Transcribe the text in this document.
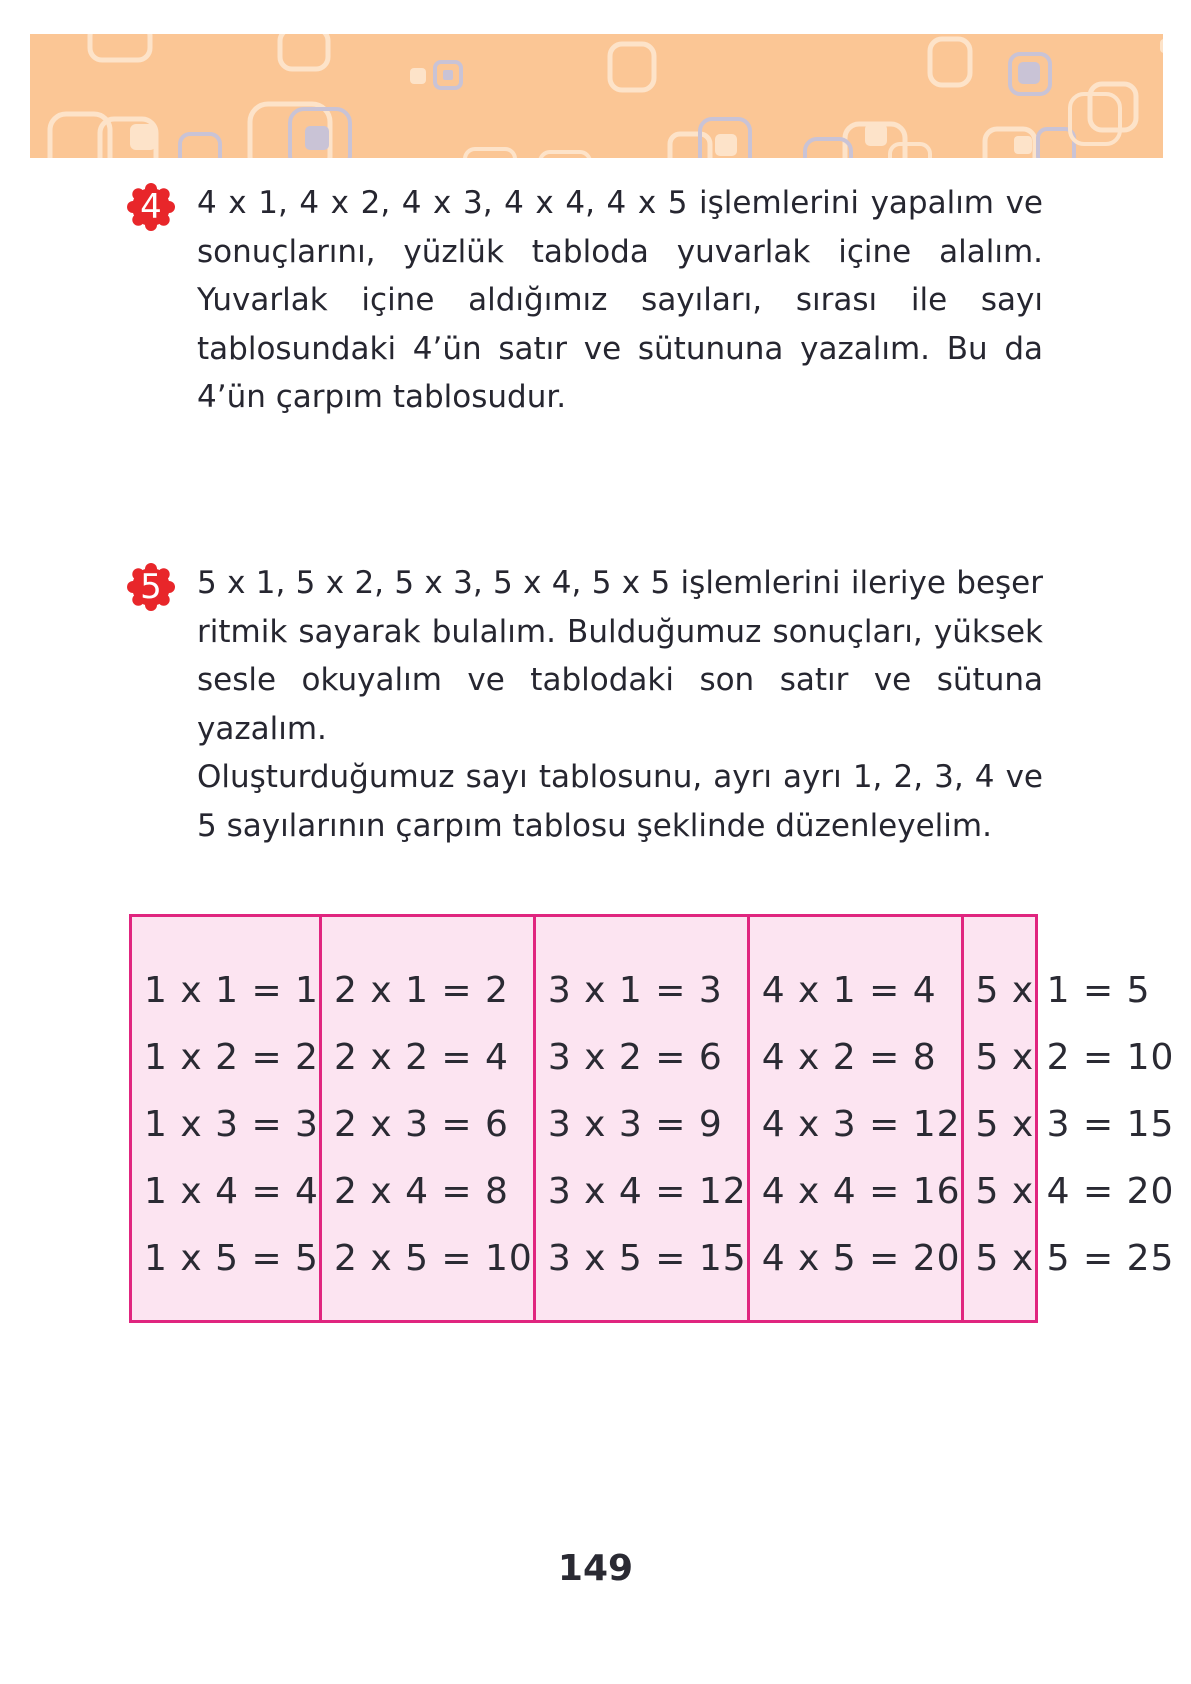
4	4 x 1, 4 x 2, 4 x 3, 4 x 4, 4 x 5 işlemlerini yapalım ve sonuçlarını, yüzlük tabloda yuvarlak içine alalım. Yuvarlak içine aldığımız sayıları, sırası ile sayı tablosundaki 4’ün satır ve sütununa yazalım. Bu da 4’ün çarpım tablosudur.

5	5 x 1, 5 x 2, 5 x 3, 5 x 4, 5 x 5 işlemlerini ileriye beşer ritmik sayarak bulalım. Bulduğumuz sonuçları, yüksek sesle okuyalım ve tablodaki son satır ve sütuna yazalım.

Oluşturduğumuz sayı tablosunu, ayrı ayrı 1, 2, 3, 4 ve 5 sayılarının çarpım tablosu şeklinde düzenleyelim.

1 x 1 = 1
1 x 2 = 2
1 x 3 = 3
1 x 4 = 4
1 x 5 = 5
2 x 1 = 2
2 x 2 = 4
2 x 3 = 6
2 x 4 = 8
2 x 5 = 10
3 x 1 = 3
3 x 2 = 6
3 x 3 = 9
3 x 4 = 12
3 x 5 = 15
4 x 1 = 4
4 x 2 = 8
4 x 3 = 12
4 x 4 = 16
4 x 5 = 20
5 x 1 = 5
5 x 2 = 10
5 x 3 = 15
5 x 4 = 20
5 x 5 = 25
149
